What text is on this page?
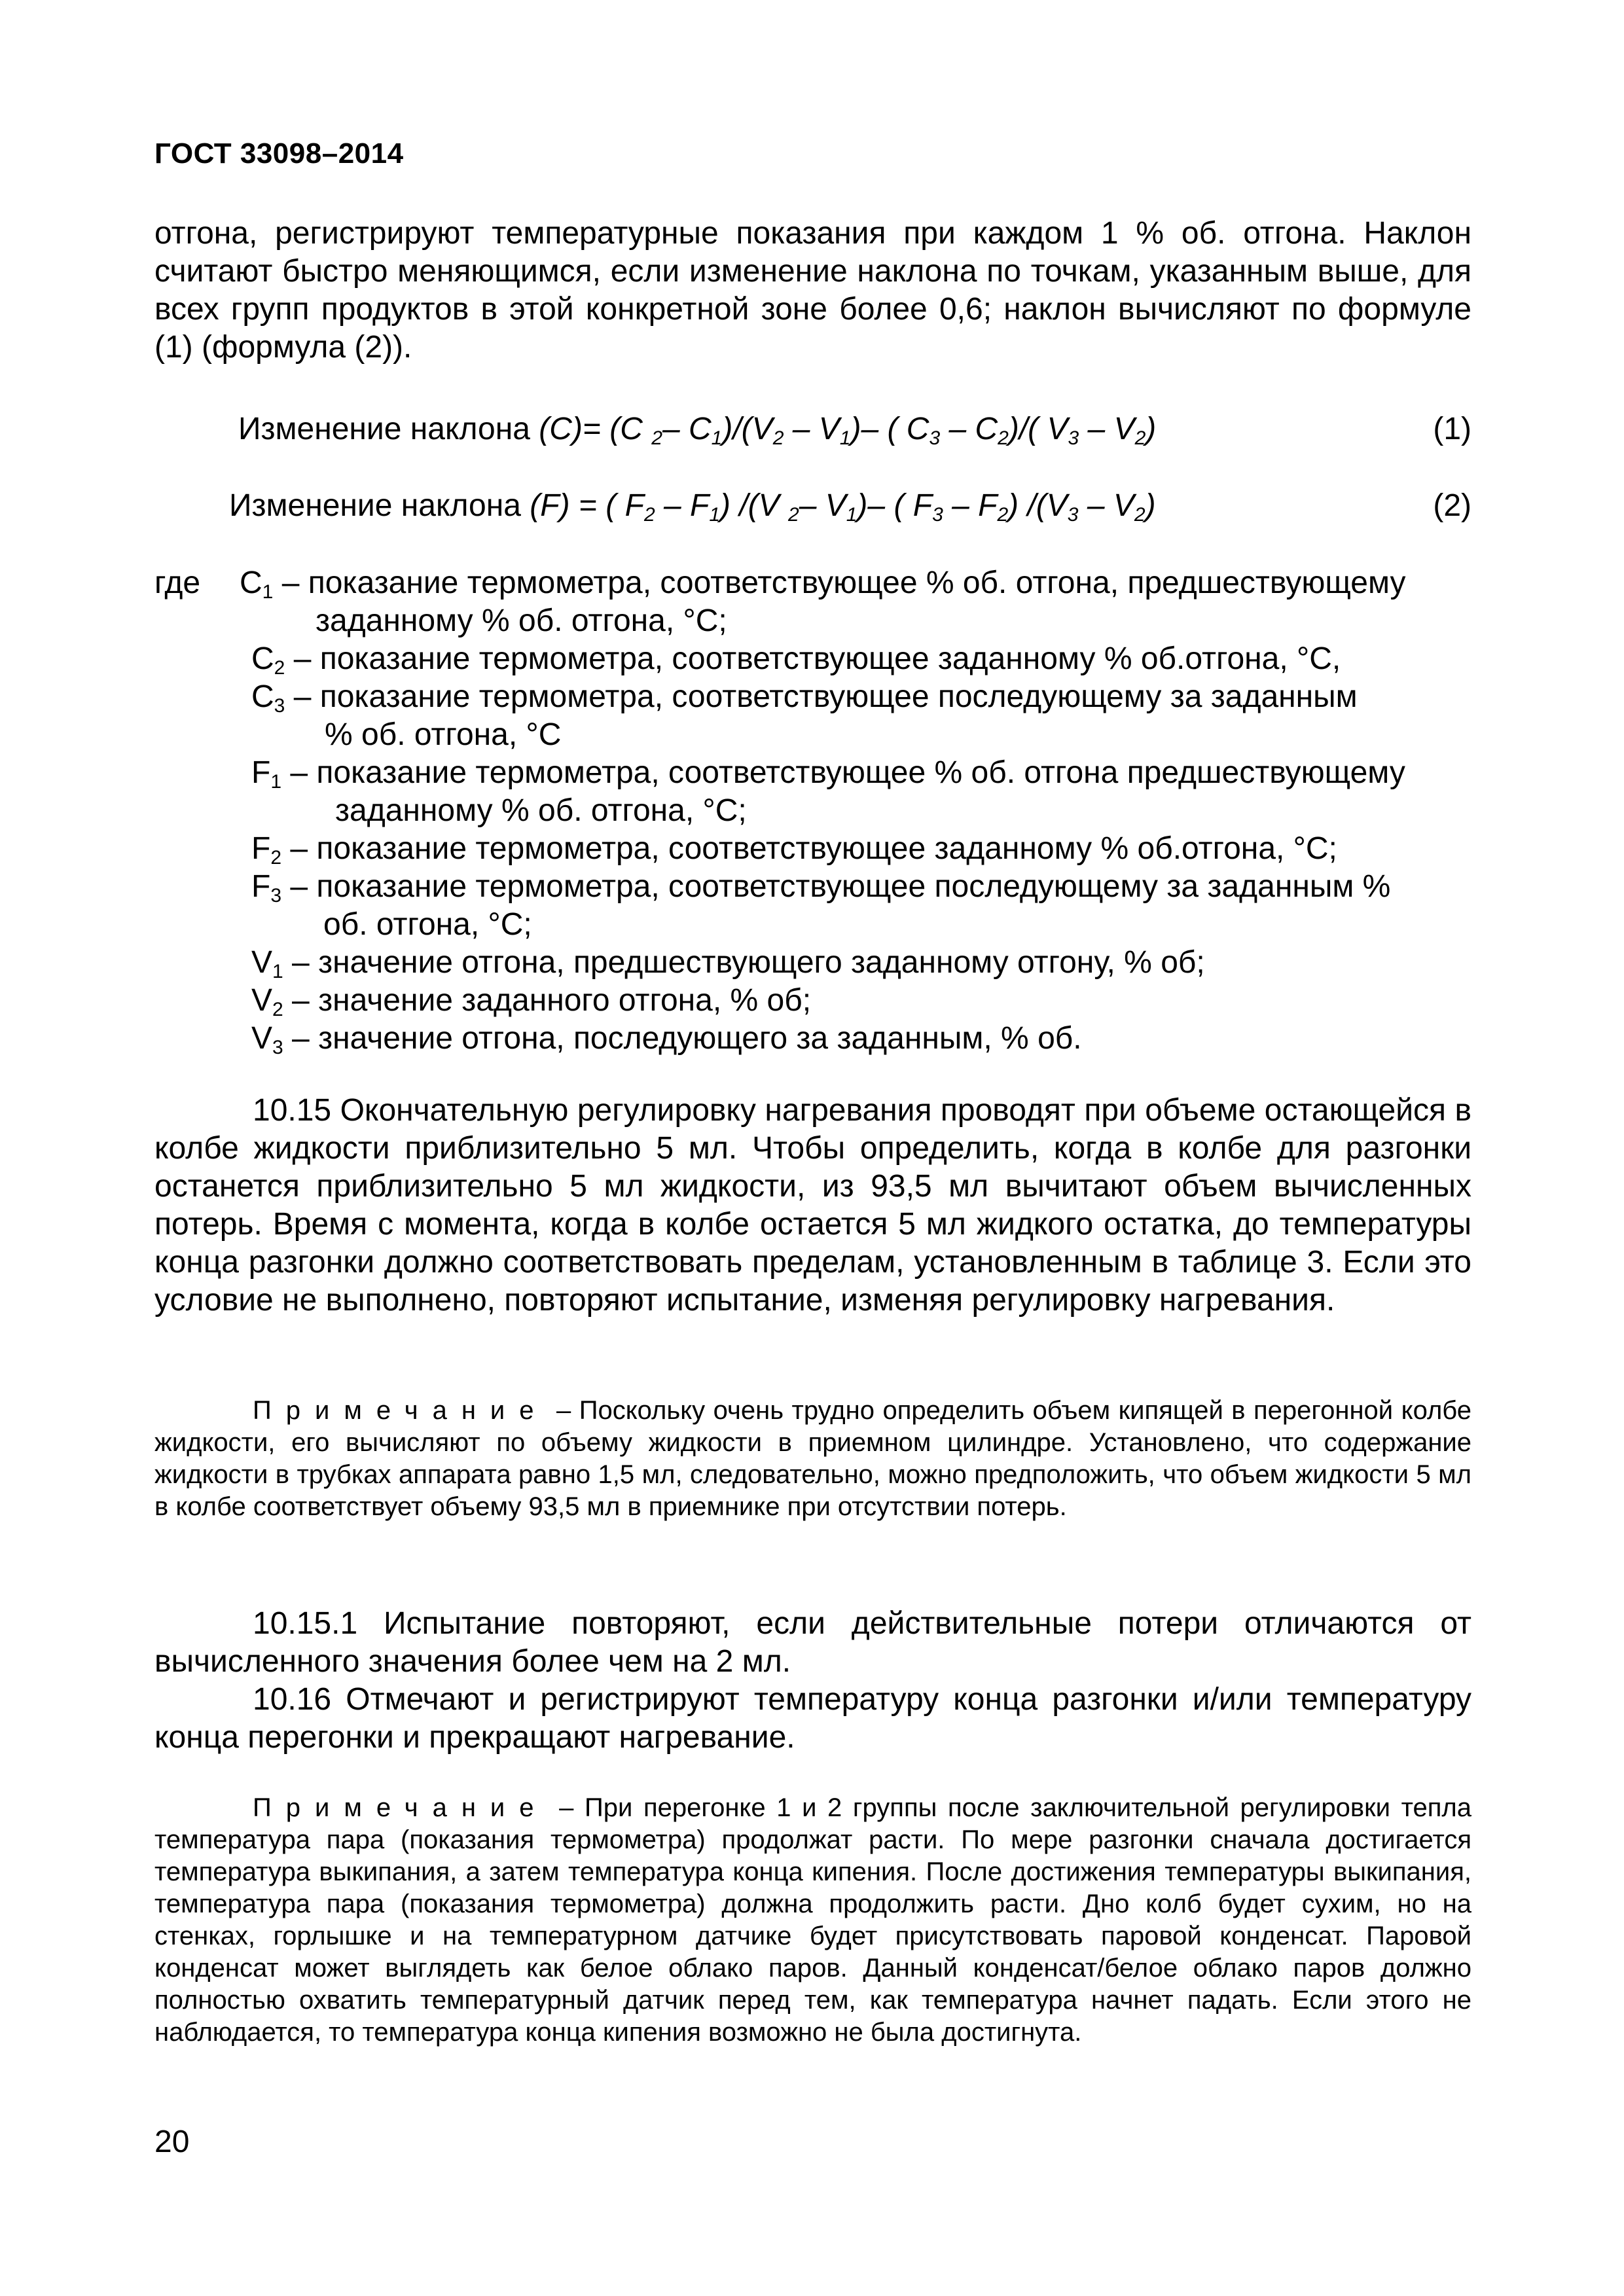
ГОСТ 33098–2014
отгона, регистрируют температурные показания при каждом 1 % об. отгона. Наклон считают быстро меняющимся, если изменение наклона по точкам, указанным выше, для всех групп продуктов в этой конкретной зоне более 0,6; наклон вычисляют по формуле (1) (формула (2)).
Изменение наклона (C)= (C $_2$– $C_1)/(V_2 - V_1)-$ ( $C_3 - C_2)/$( $V_3 - V_2$)	(1)
Изменение наклона (F) = ( $F_2 - F_1$) /(V $_2$– $V_1)-$ ( $F_3 - F_2$) $/(V_3 - V_2)$	(2)
где $C_1$ – показание термометра, соответствующее % об. отгона, предшествующему
заданному % об. отгона, °C;
$C_2$ – показание термометра, соответствующее заданному % об.отгона, °C,
$C_3$ – показание термометра, соответствующее последующему за заданным
% об. отгона, °C
$F_1$ – показание термометра, соответствующее % об. отгона предшествующему
заданному % об. отгона, °C;
$F_2$ – показание термометра, соответствующее заданному % об.отгона, °C;
$F_3$ – показание термометра, соответствующее последующему за заданным %
об. отгона, °C;
$V_1$ – значение отгона, предшествующего заданному отгону, % об;
$V_2$ – значение заданного отгона, % об;
$V_3$ – значение отгона, последующего за заданным, % об.
10.15 Окончательную регулировку нагревания проводят при объеме остающейся в колбе жидкости приблизительно 5 мл. Чтобы определить, когда в колбе для разгонки останется приблизительно 5 мл жидкости, из 93,5 мл вычитают объем вычисленных потерь. Время с момента, когда в колбе остается 5 мл жидкого остатка, до температуры конца разгонки должно соответствовать пределам, установленным в таблице 3. Если это условие не выполнено, повторяют испытание, изменяя регулировку нагревания.
Примечание – Поскольку очень трудно определить объем кипящей в перегонной колбе жидкости, его вычисляют по объему жидкости в приемном цилиндре. Установлено, что содержание жидкости в трубках аппарата равно 1,5 мл, следовательно, можно предположить, что объем жидкости 5 мл в колбе соответствует объему 93,5 мл в приемнике при отсутствии потерь.
10.15.1 Испытание повторяют, если действительные потери отличаются от вычисленного значения более чем на 2 мл.
10.16 Отмечают и регистрируют температуру конца разгонки и/или температуру конца перегонки и прекращают нагревание.
Примечание – При перегонке 1 и 2 группы после заключительной регулировки тепла температура пара (показания термометра) продолжат расти. По мере разгонки сначала достигается температура выкипания, а затем температура конца кипения. После достижения температуры выкипания, температура пара (показания термометра) должна продолжить расти. Дно колб будет сухим, но на стенках, горлышке и на температурном датчике будет присутствовать паровой конденсат. Паровой конденсат может выглядеть как белое облако паров. Данный конденсат/белое облако паров должно полностью охватить температурный датчик перед тем, как температура начнет падать. Если этого не наблюдается, то температура конца кипения возможно не была достигнута.
20
